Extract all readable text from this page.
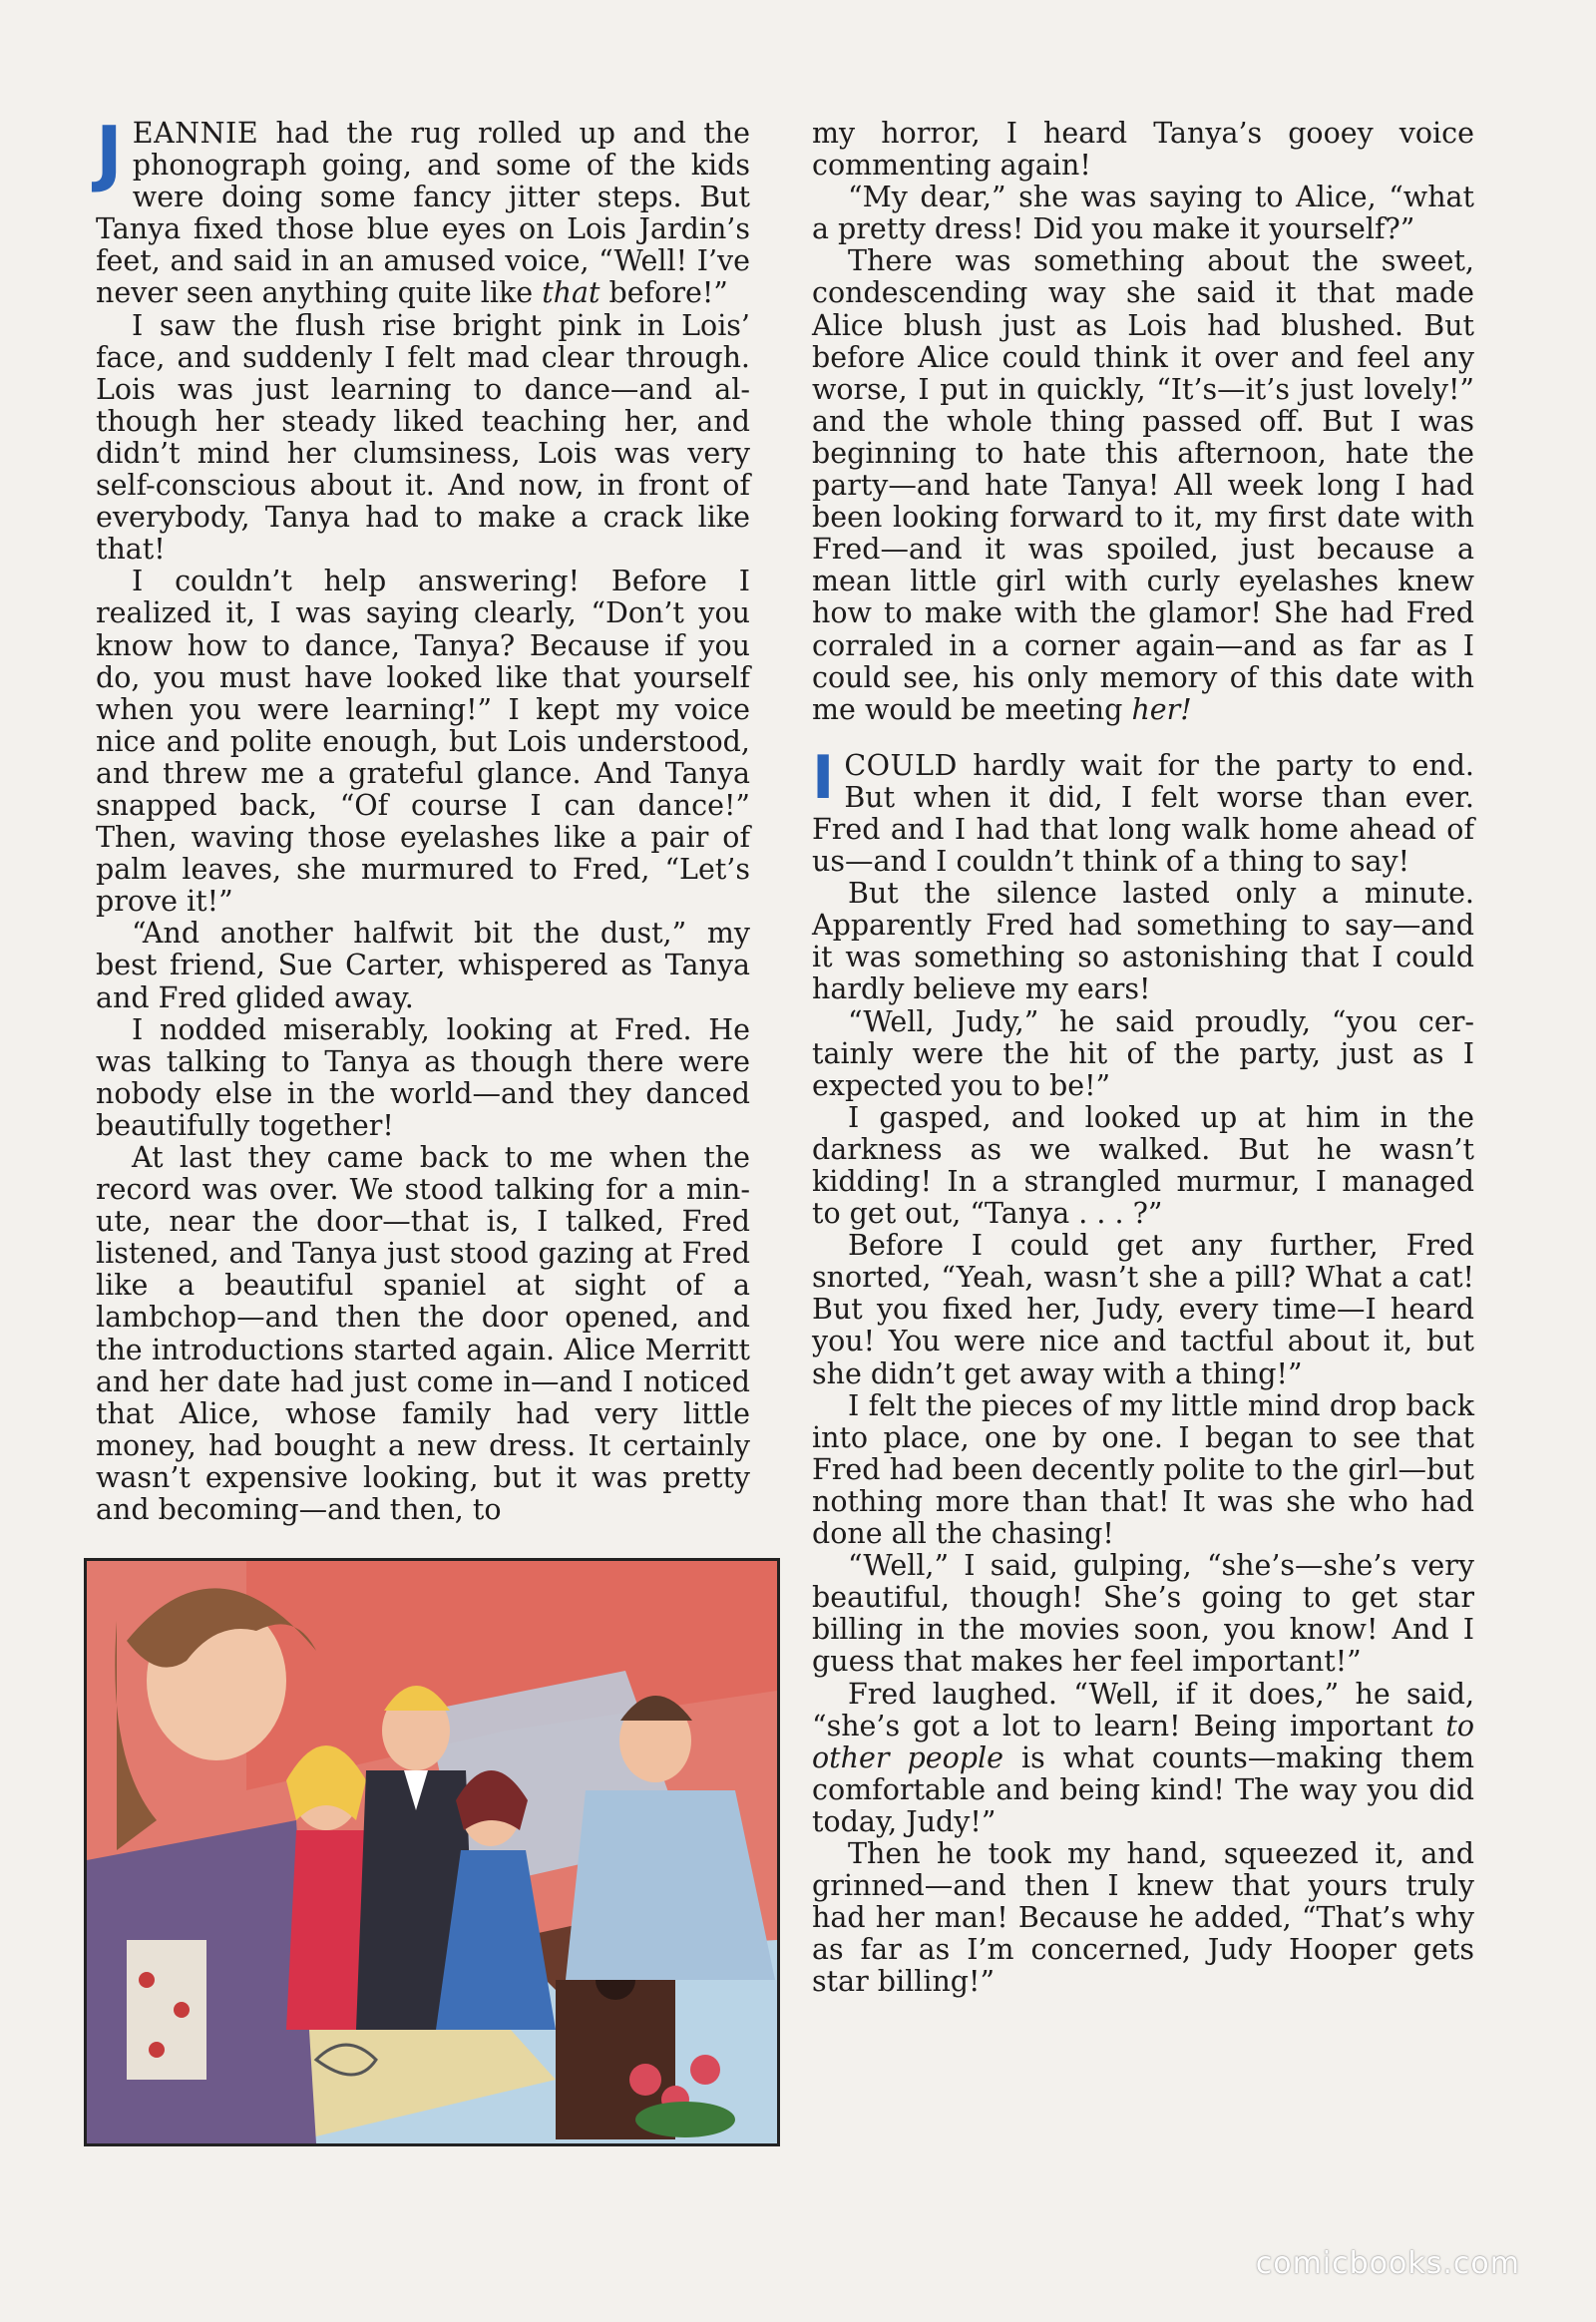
JEANNIE had the rug rolled up and the phonograph going, and some of the kids were doing some fancy jitter steps. But Tanya fixed those blue eyes on Lois Jardin’s feet, and said in an amused voice, “Well! I’ve never seen anything quite like that before!”

I saw the flush rise bright pink in Lois’ face, and suddenly I felt mad clear through. Lois was just learning to dance—and although her steady liked teaching her, and didn’t mind her clumsiness, Lois was very self-conscious about it. And now, in front of everybody, Tanya had to make a crack like that!

I couldn’t help answering! Before I realized it, I was saying clearly, “Don’t you know how to dance, Tanya? Because if you do, you must have looked like that yourself when you were learning!” I kept my voice nice and polite enough, but Lois understood, and threw me a grateful glance. And Tanya snapped back, “Of course I can dance!” Then, waving those eyelashes like a pair of palm leaves, she murmured to Fred, “Let’s prove it!”

“And another halfwit bit the dust,” my best friend, Sue Carter, whispered as Tanya and Fred glided away.

I nodded miserably, looking at Fred. He was talking to Tanya as though there were nobody else in the world—and they danced beautifully together!

At last they came back to me when the record was over. We stood talking for a minute, near the door—that is, I talked, Fred listened, and Tanya just stood gazing at Fred like a beautiful spaniel at sight of a lambchop—and then the door opened, and the introductions started again. Alice Merritt and her date had just come in—and I noticed that Alice, whose family had very little money, had bought a new dress. It certainly wasn’t expensive looking, but it was pretty and becoming—and then, to

my horror, I heard Tanya’s gooey voice commenting again!

“My dear,” she was saying to Alice, “what a pretty dress! Did you make it yourself?”

There was something about the sweet, condescending way she said it that made Alice blush just as Lois had blushed. But before Alice could think it over and feel any worse, I put in quickly, “It’s—it’s just lovely!” and the whole thing passed off. But I was beginning to hate this afternoon, hate the party—and hate Tanya! All week long I had been looking forward to it, my first date with Fred—and it was spoiled, just because a mean little girl with curly eyelashes knew how to make with the glamor! She had Fred corraled in a corner again—and as far as I could see, his only memory of this date with me would be meeting her!

ICOULD hardly wait for the party to end. But when it did, I felt worse than ever. Fred and I had that long walk home ahead of us—and I couldn’t think of a thing to say!

But the silence lasted only a minute. Apparently Fred had something to say—and it was something so astonishing that I could hardly believe my ears!

“Well, Judy,” he said proudly, “you certainly were the hit of the party, just as I expected you to be!”

I gasped, and looked up at him in the darkness as we walked. But he wasn’t kidding! In a strangled murmur, I managed to get out, “Tanya . . . ?”

Before I could get any further, Fred snorted, “Yeah, wasn’t she a pill? What a cat! But you fixed her, Judy, every time—I heard you! You were nice and tactful about it, but she didn’t get away with a thing!”

I felt the pieces of my little mind drop back into place, one by one. I began to see that Fred had been decently polite to the girl—but nothing more than that! It was she who had done all the chasing!

“Well,” I said, gulping, “she’s—she’s very beautiful, though! She’s going to get star billing in the movies soon, you know! And I guess that makes her feel important!”

Fred laughed. “Well, if it does,” he said, “she’s got a lot to learn! Being important to other people is what counts—making them comfortable and being kind! The way you did today, Judy!”

Then he took my hand, squeezed it, and grinned—and then I knew that yours truly had her man! Because he added, “That’s why as far as I’m concerned, Judy Hooper gets star billing!”

comicbooks.com
